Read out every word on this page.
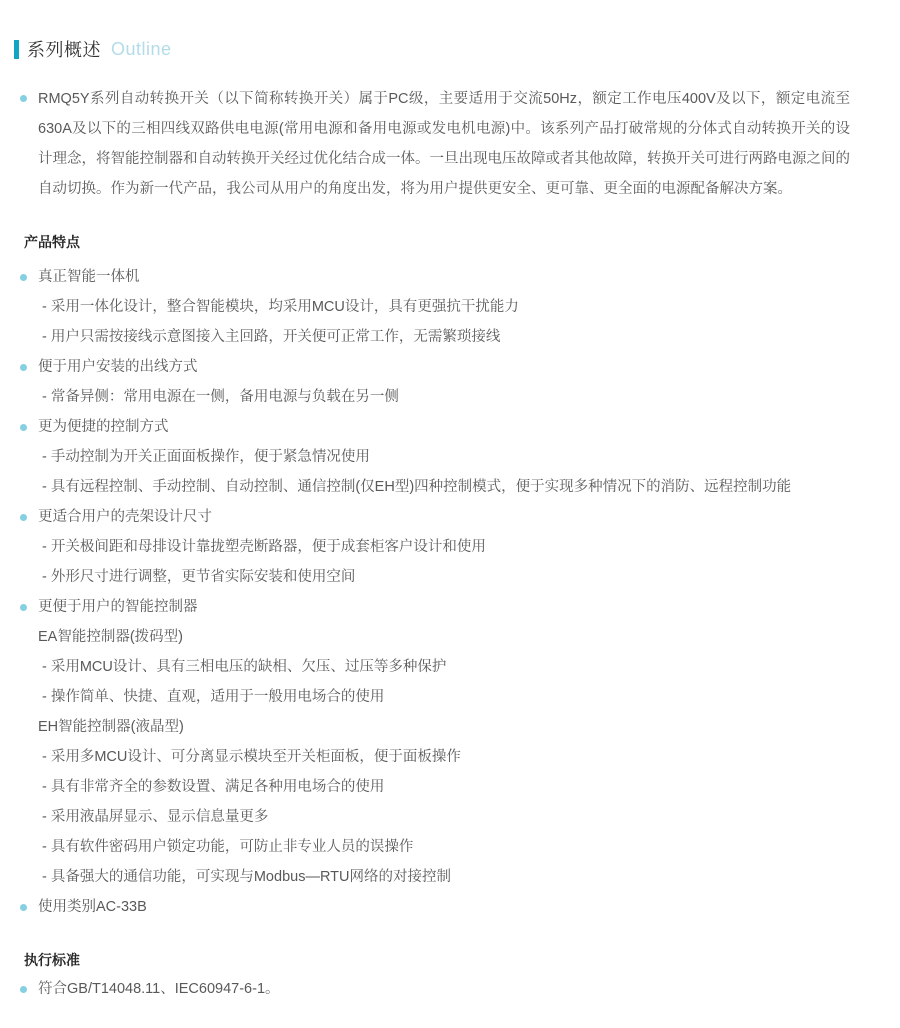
系列概述 Outline

RMQ5Y系列自动转换开关（以下简称转换开关）属于PC级，主要适用于交流50Hz，额定工作电压400V及以下，额定电流至630A及以下的三相四线双路供电电源(常用电源和备用电源或发电机电源)中。该系列产品打破常规的分体式自动转换开关的设计理念，将智能控制器和自动转换开关经过优化结合成一体。一旦出现电压故障或者其他故障，转换开关可进行两路电源之间的自动切换。作为新一代产品，我公司从用户的角度出发，将为用户提供更安全、更可靠、更全面的电源配备解决方案。

产品特点
真正智能一体机
- 采用一体化设计，整合智能模块，均采用MCU设计，具有更强抗干扰能力
- 用户只需按接线示意图接入主回路，开关便可正常工作，无需繁琐接线
便于用户安装的出线方式
- 常备异侧：常用电源在一侧，备用电源与负载在另一侧
更为便捷的控制方式
- 手动控制为开关正面面板操作，便于紧急情况使用
- 具有远程控制、手动控制、自动控制、通信控制(仅EH型)四种控制模式，便于实现多种情况下的消防、远程控制功能
更适合用户的壳架设计尺寸
- 开关极间距和母排设计靠拢塑壳断路器，便于成套柜客户设计和使用
- 外形尺寸进行调整，更节省实际安装和使用空间
更便于用户的智能控制器
EA智能控制器(拨码型)
- 采用MCU设计、具有三相电压的缺相、欠压、过压等多种保护
- 操作简单、快捷、直观，适用于一般用电场合的使用
EH智能控制器(液晶型)
- 采用多MCU设计、可分离显示模块至开关柜面板，便于面板操作
- 具有非常齐全的参数设置、满足各种用电场合的使用
- 采用液晶屏显示、显示信息量更多
- 具有软件密码用户锁定功能，可防止非专业人员的误操作
- 具备强大的通信功能，可实现与Modbus—RTU网络的对接控制
使用类别AC-33B
执行标准
符合GB/T14048.11、IEC60947-6-1。
